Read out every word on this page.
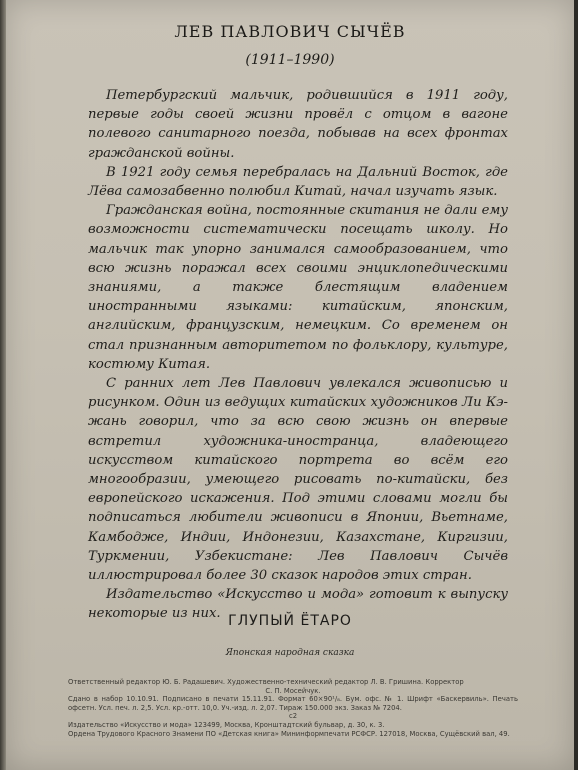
ЛЕВ ПАВЛОВИЧ СЫЧЁВ
(1911–1990)

Петербургский мальчик, родившийся в 1911 году, первые годы своей жизни провёл с отцом в вагоне полевого санитарного поезда, побывав на всех фронтах гражданской войны.

В 1921 году семья перебралась на Дальний Восток, где Лёва самозабвенно полюбил Китай, начал изучать язык.

Гражданская война, постоянные скитания не дали ему возможности систематически посещать школу. Но мальчик так упорно занимался самообразованием, что всю жизнь поражал всех своими энциклопедическими знаниями, а также блестящим владением иностранными языками: китайским, японским, английским, французским, немецким. Со временем он стал признанным авторитетом по фольклору, культуре, костюму Китая.

С ранних лет Лев Павлович увлекался живописью и рисунком. Один из ведущих китайских художников Ли Кэ-жань говорил, что за всю свою жизнь он впервые встретил художника-иностранца, владеющего искусством китайского портрета во всём его многообразии, умеющего рисовать по-китайски, без европейского искажения. Под этими словами могли бы подписаться любители живописи в Японии, Вьетнаме, Камбодже, Индии, Индонезии, Казахстане, Киргизии, Туркмении, Узбекистане: Лев Павлович Сычёв иллюстрировал более 30 сказок народов этих стран.

Издательство «Искусство и мода» готовит к выпуску некоторые из них. ГЛУПЫЙ ЁТАРО
Японская народная сказка
Ответственный редактор Ю. Б. Радашевич. Художественно-технический редактор Л. В. Гришина. Корректор
С. П. Мосейчук.
Сдано в набор 10.10.91. Подписано в печати 15.11.91. Формат 60×90¹/₈. Бум. офс. № 1. Шрифт «Баскервиль». Печать офсетн. Усл. печ. л. 2,5. Усл. кр.-отт. 10,0. Уч.-изд. л. 2,07. Тираж 150.000 экз. Заказ № 7204.
с2
Издательство «Искусство и мода» 123499, Москва, Кронштадтский бульвар, д. 30, к. 3.
Ордена Трудового Красного Знамени ПО «Детская книга» Мининформпечати РСФСР. 127018, Москва, Сущёвский вал, 49.
